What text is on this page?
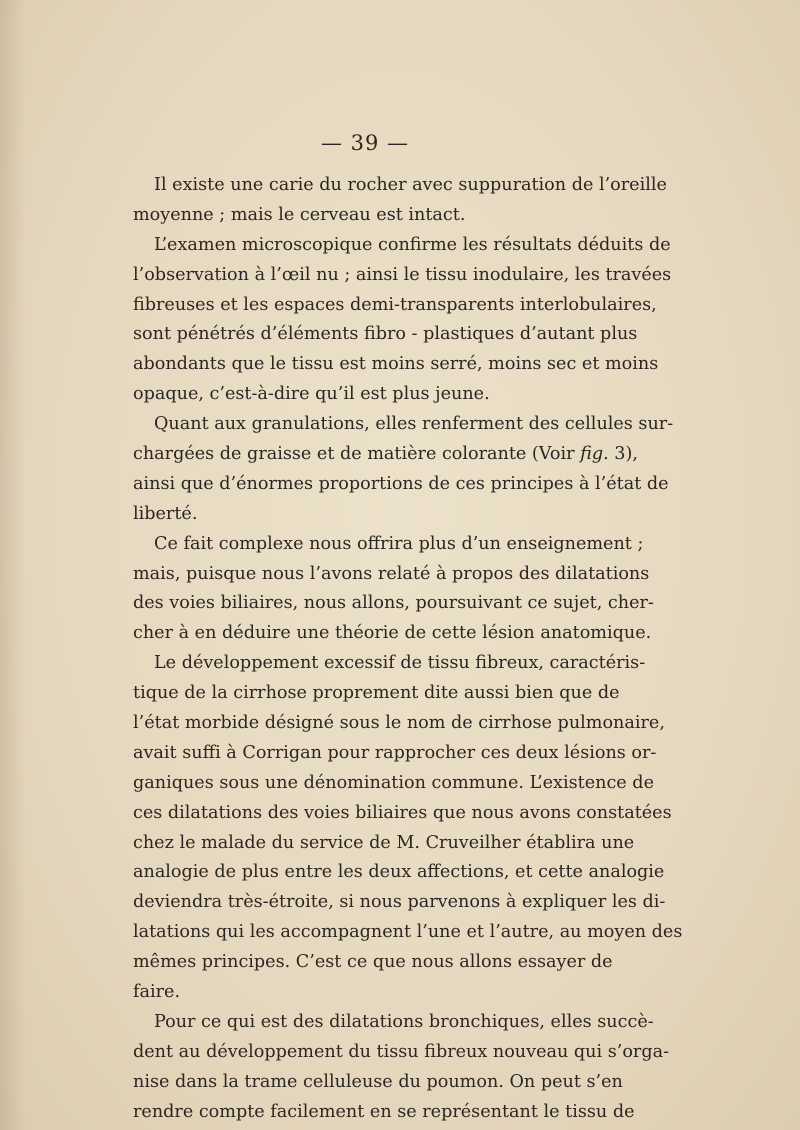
— 39 —
Il existe une carie du rocher avec suppuration de l’oreille
moyenne ; mais le cerveau est intact.
L’examen microscopique confirme les résultats déduits de
l’observation à l’œil nu ; ainsi le tissu inodulaire, les travées
fibreuses et les espaces demi-transparents interlobulaires,
sont pénétrés d’éléments fibro - plastiques d’autant plus
abondants que le tissu est moins serré, moins sec et moins
opaque, c’est-à-dire qu’il est plus jeune.
Quant aux granulations, elles renferment des cellules sur-
chargées de graisse et de matière colorante (Voir fig. 3),
ainsi que d’énormes proportions de ces principes à l’état de
liberté.
Ce fait complexe nous offrira plus d’un enseignement ;
mais, puisque nous l’avons relaté à propos des dilatations
des voies biliaires, nous allons, poursuivant ce sujet, cher-
cher à en déduire une théorie de cette lésion anatomique.
Le développement excessif de tissu fibreux, caractéris-
tique de la cirrhose proprement dite aussi bien que de
l’état morbide désigné sous le nom de cirrhose pulmonaire,
avait suffi à Corrigan pour rapprocher ces deux lésions or-
ganiques sous une dénomination commune. L’existence de
ces dilatations des voies biliaires que nous avons constatées
chez le malade du service de M. Cruveilher établira une
analogie de plus entre les deux affections, et cette analogie
deviendra très-étroite, si nous parvenons à expliquer les di-
latations qui les accompagnent l’une et l’autre, au moyen des
mêmes principes. C’est ce que nous allons essayer de
faire.
Pour ce qui est des dilatations bronchiques, elles succè-
dent au développement du tissu fibreux nouveau qui s’orga-
nise dans la trame celluleuse du poumon. On peut s’en
rendre compte facilement en se représentant le tissu de
